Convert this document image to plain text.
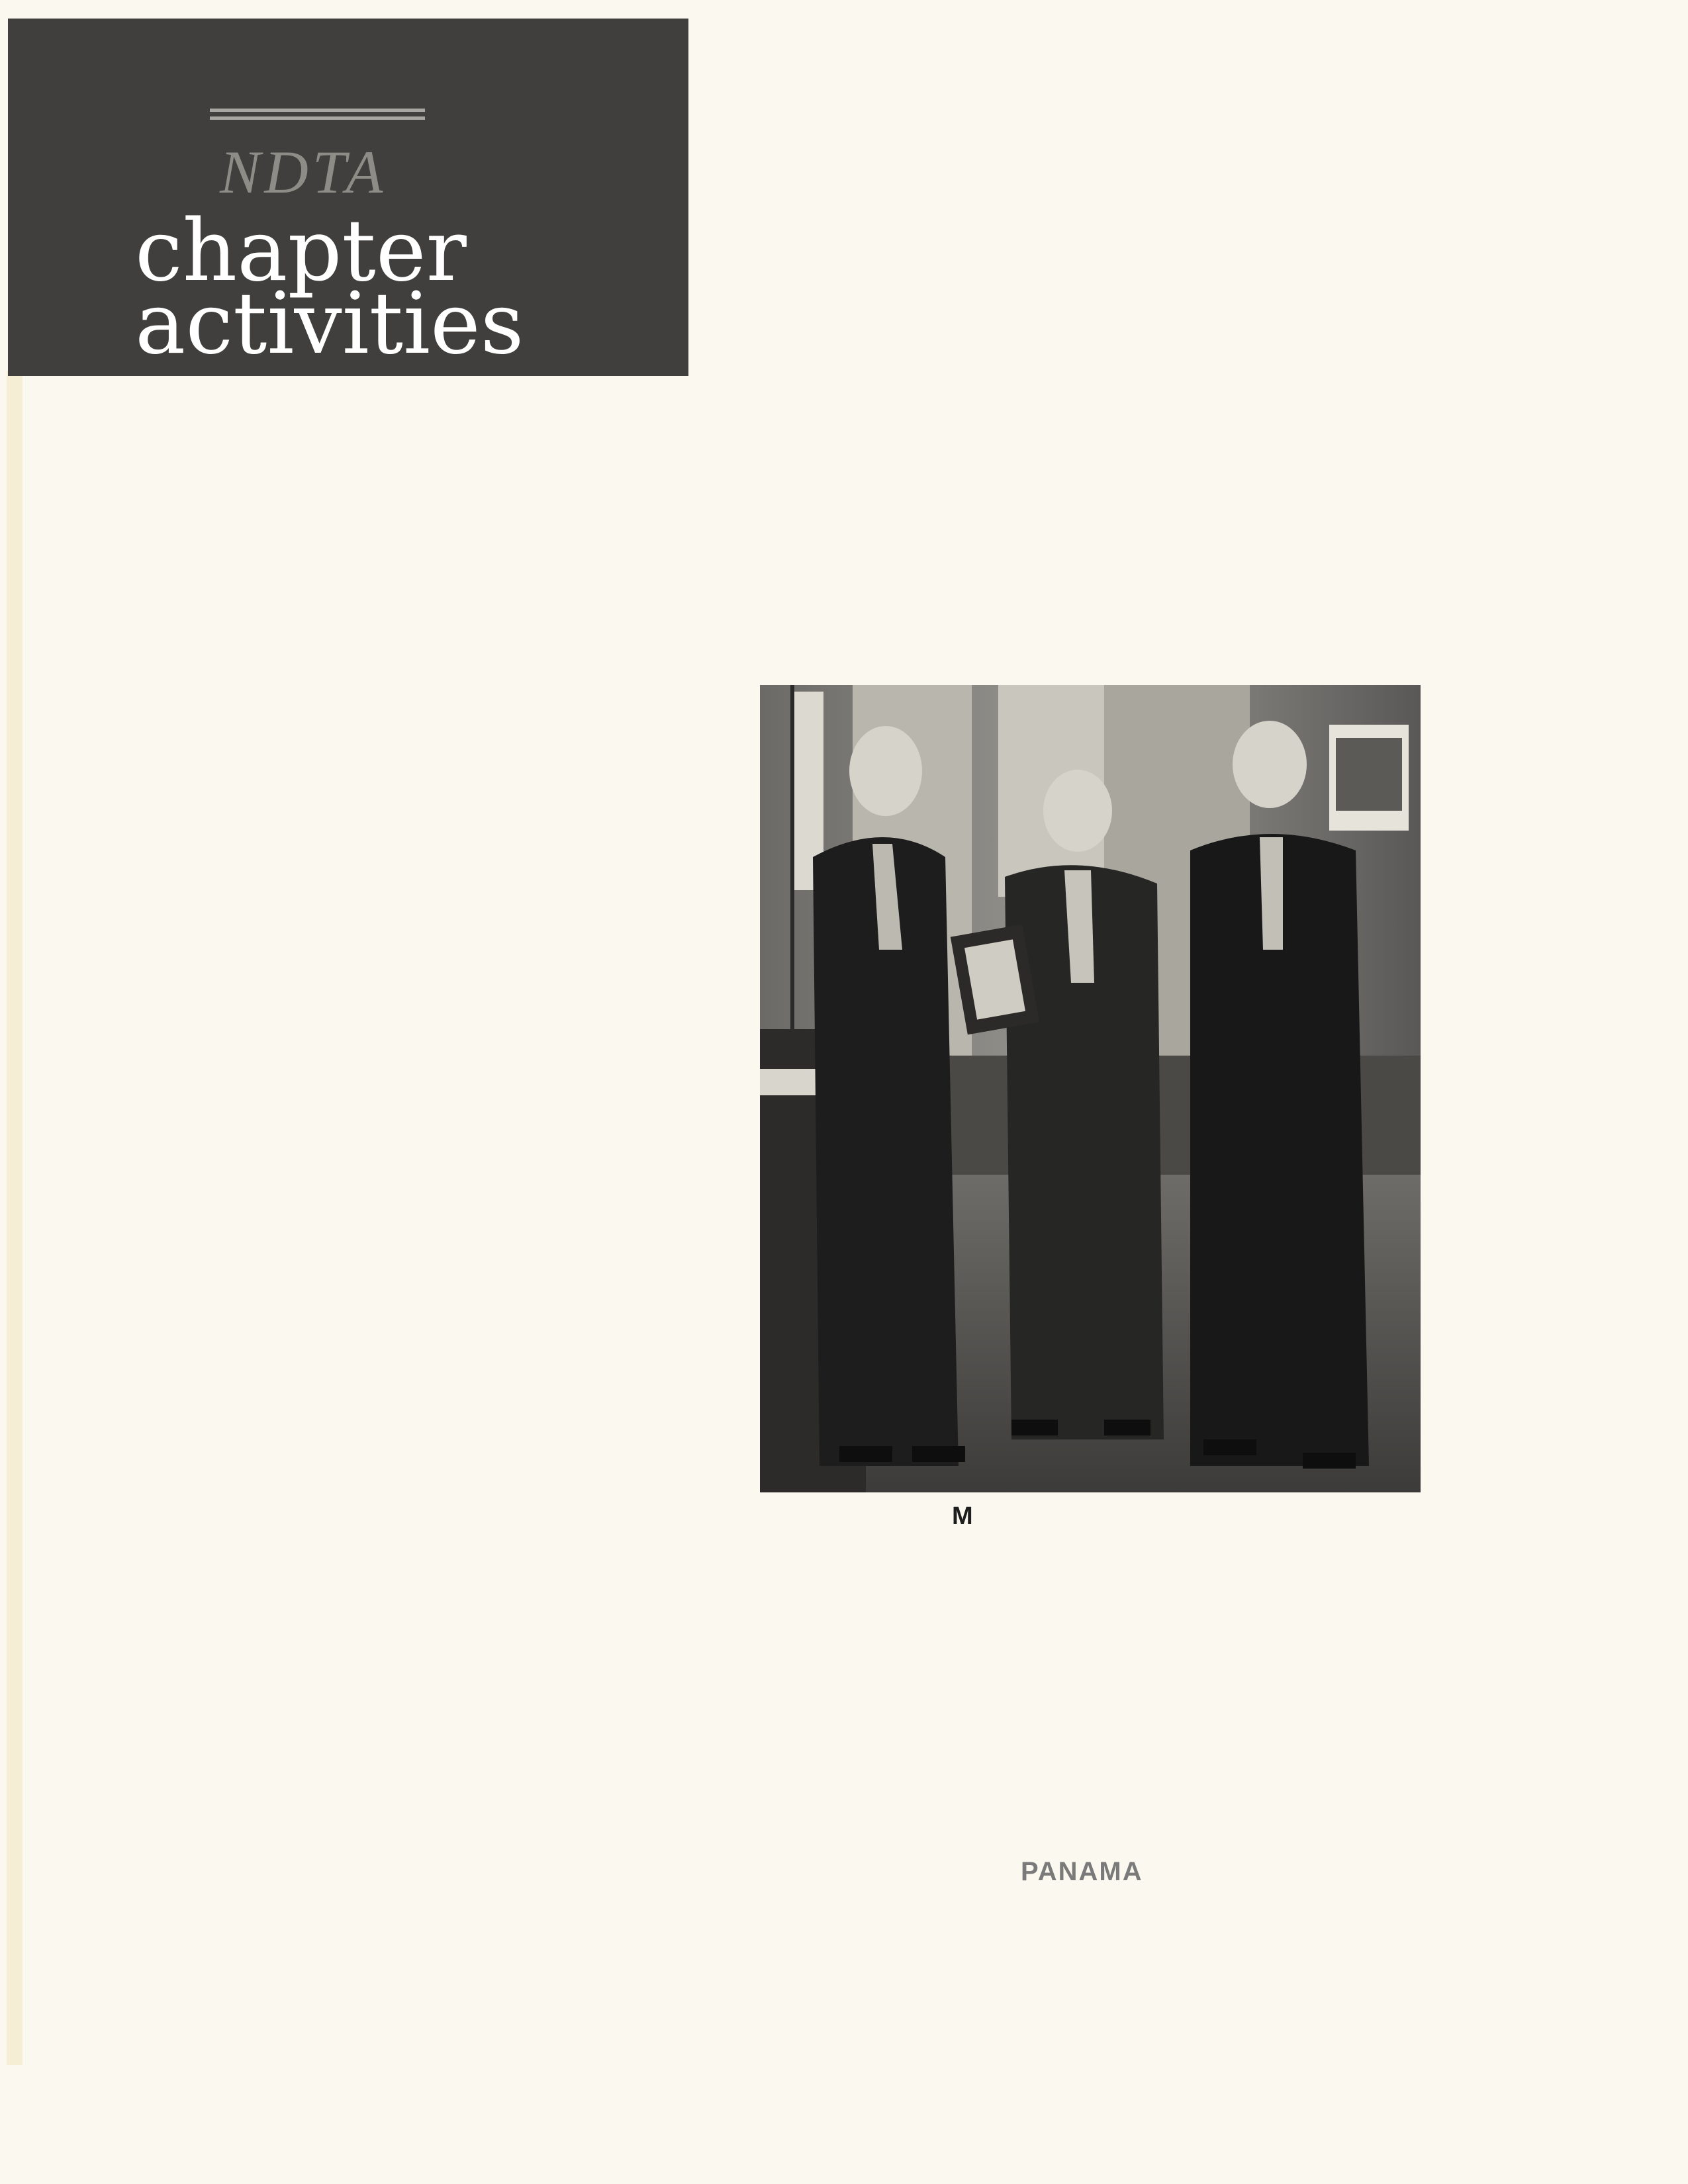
NDTA
chapter
activities
M
PANAMA
